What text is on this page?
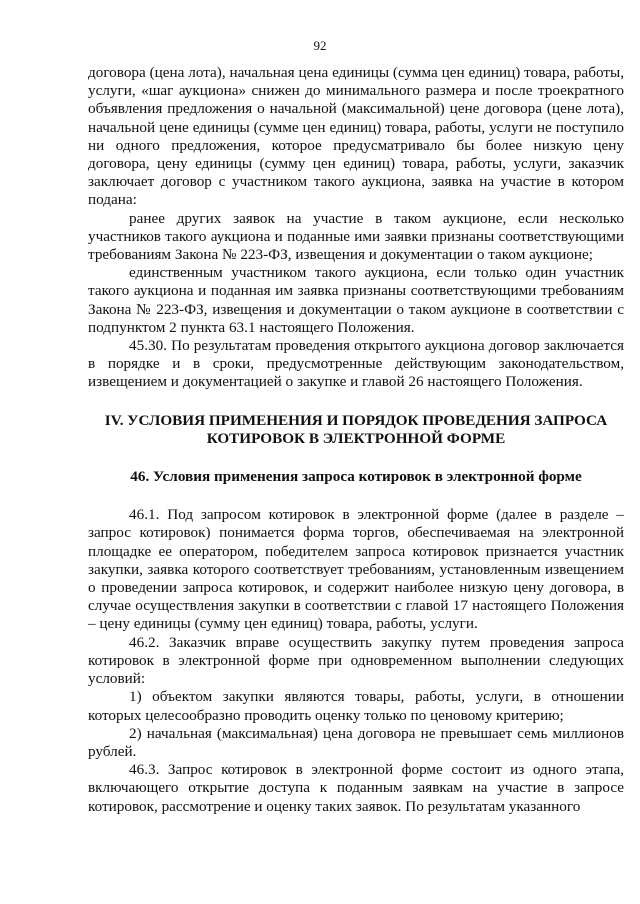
92

договора (цена лота), начальная цена единицы (сумма цен единиц) товара, работы, услуги, «шаг аукциона» снижен до минимального размера и после троекратного объявления предложения о начальной (максимальной) цене договора (цене лота), начальной цене единицы (сумме цен единиц) товара, работы, услуги не поступило ни одного предложения, которое предусматривало бы более низкую цену договора, цену единицы (сумму цен единиц) товара, работы, услуги, заказчик заключает договор с участником такого аукциона, заявка на участие в котором подана:

ранее других заявок на участие в таком аукционе, если несколько участников такого аукциона и поданные ими заявки признаны соответствующими требованиям Закона № 223-ФЗ, извещения и документации о таком аукционе;

единственным участником такого аукциона, если только один участник такого аукциона и поданная им заявка признаны соответствующими требованиям Закона № 223-ФЗ, извещения и документации о таком аукционе в соответствии с подпунктом 2 пункта 63.1 настоящего Положения.

45.30. По результатам проведения открытого аукциона договор заключается в порядке и в сроки, предусмотренные действующим законодательством, извещением и документацией о закупке и главой 26 настоящего Положения.

IV. УСЛОВИЯ ПРИМЕНЕНИЯ И ПОРЯДОК ПРОВЕДЕНИЯ ЗАПРОСА
КОТИРОВОК В ЭЛЕКТРОННОЙ ФОРМЕ
46. Условия применения запроса котировок в электронной форме

46.1. Под запросом котировок в электронной форме (далее в разделе – запрос котировок) понимается форма торгов, обеспечиваемая на электронной площадке ее оператором, победителем запроса котировок признается участник закупки, заявка которого соответствует требованиям, установленным извещением о проведении запроса котировок, и содержит наиболее низкую цену договора, в случае осуществления закупки в соответствии с главой 17 настоящего Положения – цену единицы (сумму цен единиц) товара, работы, услуги.

46.2. Заказчик вправе осуществить закупку путем проведения запроса котировок в электронной форме при одновременном выполнении следующих условий:

1) объектом закупки являются товары, работы, услуги, в отношении которых целесообразно проводить оценку только по ценовому критерию;

2) начальная (максимальная) цена договора не превышает семь миллионов рублей.

46.3. Запрос котировок в электронной форме состоит из одного этапа, включающего открытие доступа к поданным заявкам на участие в запросе котировок, рассмотрение и оценку таких заявок. По результатам указанного
